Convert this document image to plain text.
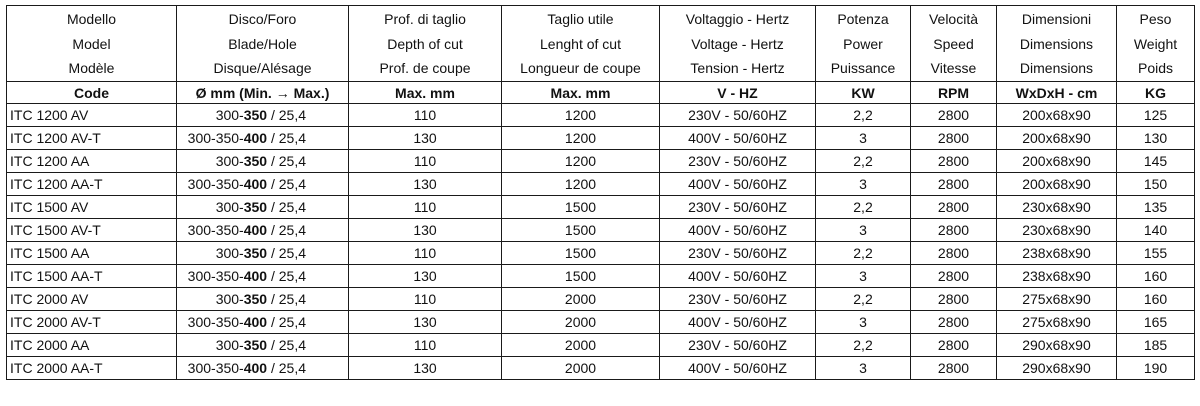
Modello
Model
Modèle	Disco/Foro
Blade/Hole
Disque/Alésage	Prof. di taglio
Depth of cut
Prof. de coupe	Taglio utile
Lenght of cut
Longueur de coupe	Voltaggio - Hertz
Voltage - Hertz
Tension - Hertz	Potenza
Power
Puissance	Velocità
Speed
Vitesse	Dimensioni
Dimensions
Dimensions	Peso
Weight
Poids

Code	Ø mm (Min. → Max.)	Max. mm	Max. mm	V - HZ	KW	RPM	WxDxH - cm	KG
ITC 1200 AV	300-350 / 25,4	110	1200	230V - 50/60HZ	2,2	2800	200x68x90	125
ITC 1200 AV-T	300-350-400 / 25,4	130	1200	400V - 50/60HZ	3	2800	200x68x90	130
ITC 1200 AA	300-350 / 25,4	110	1200	230V - 50/60HZ	2,2	2800	200x68x90	145
ITC 1200 AA-T	300-350-400 / 25,4	130	1200	400V - 50/60HZ	3	2800	200x68x90	150
ITC 1500 AV	300-350 / 25,4	110	1500	230V - 50/60HZ	2,2	2800	230x68x90	135
ITC 1500 AV-T	300-350-400 / 25,4	130	1500	400V - 50/60HZ	3	2800	230x68x90	140
ITC 1500 AA	300-350 / 25,4	110	1500	230V - 50/60HZ	2,2	2800	238x68x90	155
ITC 1500 AA-T	300-350-400 / 25,4	130	1500	400V - 50/60HZ	3	2800	238x68x90	160
ITC 2000 AV	300-350 / 25,4	110	2000	230V - 50/60HZ	2,2	2800	275x68x90	160
ITC 2000 AV-T	300-350-400 / 25,4	130	2000	400V - 50/60HZ	3	2800	275x68x90	165
ITC 2000 AA	300-350 / 25,4	110	2000	230V - 50/60HZ	2,2	2800	290x68x90	185
ITC 2000 AA-T	300-350-400 / 25,4	130	2000	400V - 50/60HZ	3	2800	290x68x90	190
